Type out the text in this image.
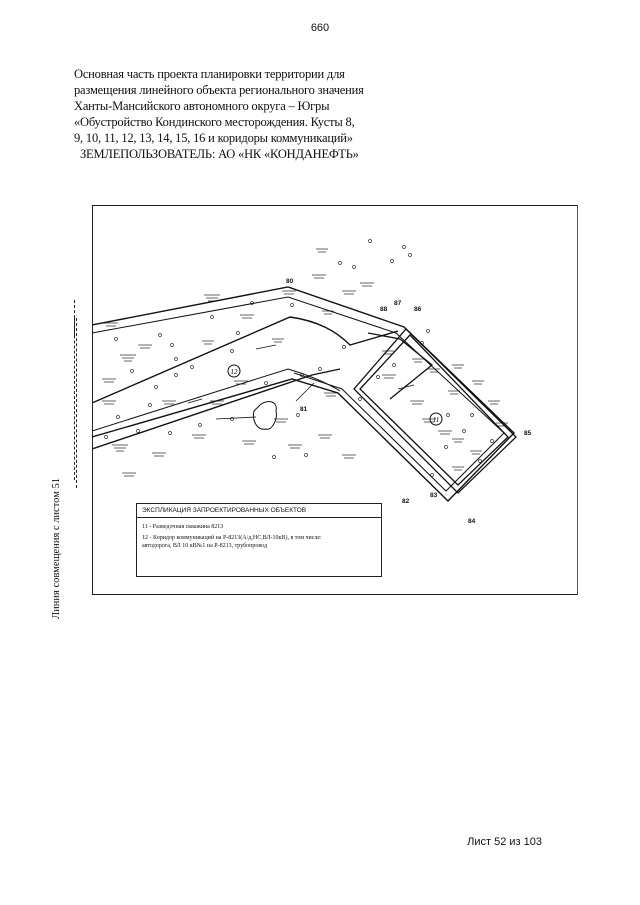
660
Основная часть проекта планировки территории для
размещения линейного объекта регионального значения
Ханты-Мансийского автономного округа – Югры
«Обустройство Кондинского месторождения. Кусты 8,
9, 10, 11, 12, 13, 14, 15, 16 и коридоры коммуникаций»
ЗЕМЛЕПОЛЬЗОВАТЕЛЬ: АО «НК «КОНДАНЕФТЬ»
Линия совмещения с листом 51
12
11
80
81
82
83
84
85
86
87
88
ЭКСПЛИКАЦИЯ ЗАПРОЕКТИРОВАННЫХ ОБЪЕКТОВ
11 - Разведочная скважина 8213
12 - Коридор коммуникаций на Р-8213(А/д,НС,ВЛ-10кВ), в том числе:
автодорога, ВЛ 10 кВ№1 на Р-8213, трубопровод
Лист 52 из 103
